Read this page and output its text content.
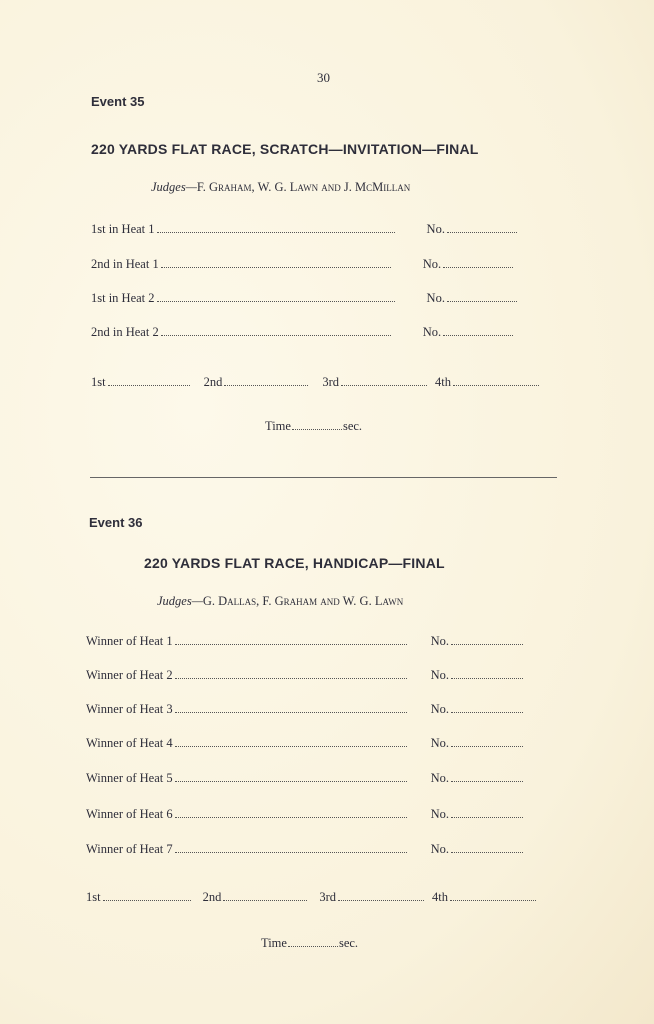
30
Event 35
220 YARDS FLAT RACE, SCRATCH—INVITATION—FINAL
Judges—F. Graham, W. G. Lawn and J. McMillan
1st in Heat 1	No.
2nd in Heat 1	No.
1st in Heat 2	No.
2nd in Heat 2	No.
1st	2nd	3rd	4th
Time	sec.
Event 36
220 YARDS FLAT RACE, HANDICAP—FINAL
Judges—G. Dallas, F. Graham and W. G. Lawn
Winner of Heat 1	No.
Winner of Heat 2	No.
Winner of Heat 3	No.
Winner of Heat 4	No.
Winner of Heat 5	No.
Winner of Heat 6	No.
Winner of Heat 7	No.
1st	2nd	3rd	4th
Time	sec.
